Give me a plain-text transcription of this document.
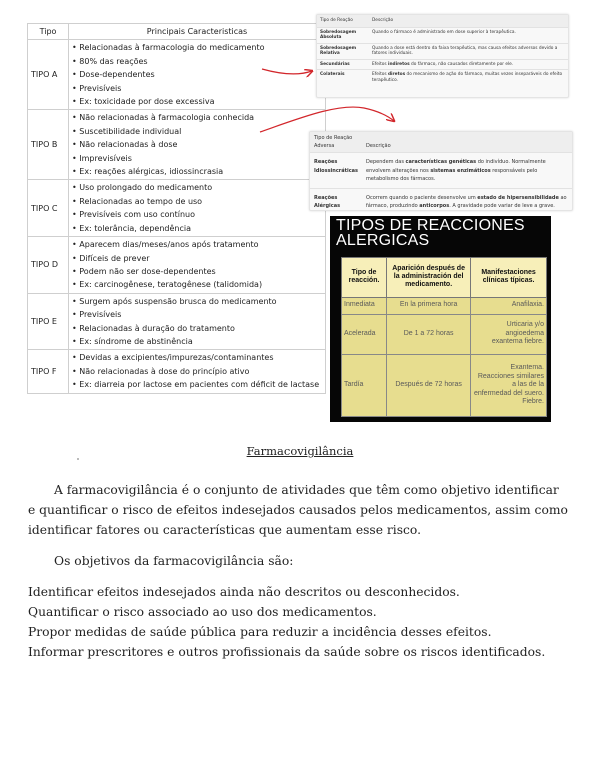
Tipo	Principais Caracteristicas
TIPO A	• Relacionadas à farmacologia do medicamento
• 80% das reações
• Dose-dependentes
• Previsíveis
• Ex: toxicidade por dose excessiva

TIPO B	• Não relacionadas à farmacologia conhecida
• Suscetibilidade individual
• Não relacionadas à dose
• Imprevisíveis
• Ex: reações alérgicas, idiossincrasia

TIPO C	• Uso prolongado do medicamento
• Relacionadas ao tempo de uso
• Previsíveis com uso contínuo
• Ex: tolerância, dependência

TIPO D	• Aparecem dias/meses/anos após tratamento
• Difíceis de prever
• Podem não ser dose-dependentes
• Ex: carcinogênese, teratogênese (talidomida)

TIPO E	• Surgem após suspensão brusca do medicamento
• Previsíveis
• Relacionadas à duração do tratamento
• Ex: síndrome de abstinência

TIPO F	• Devidas a excipientes/impurezas/contaminantes
• Não relacionadas à dose do princípio ativo
• Ex: diarreia por lactose em pacientes com déficit de lactase
Tipo de Reação	Descrição
Sobredosagem Absoluta	Quando o fármaco é administrado em dose superior à terapêutica.
Sobredosagem Relativa	Quando a dose está dentro da faixa terapêutica, mas causa efeitos adversos devido a fatores individuais.
Secundárias	Efeitos indiretos do fármaco, não causados diretamente por ele.
Colaterais	Efeitos diretos do mecanismo de ação do fármaco, muitas vezes inseparáveis do efeito terapêutico.
Tipo de Reação Adversa	Descrição
Reações Idiossincráticas	Dependem das características genéticas do indivíduo. Normalmente envolvem alterações nos sistemas enzimáticos responsáveis pelo metabolismo dos fármacos.
Reações Alérgicas	Ocorrem quando o paciente desenvolve um estado de hipersensibilidade ao fármaco, produzindo anticorpos. A gravidade pode variar de leve a grave.
TIPOS DE REACCIONES
ALERGICAS
Tipo de reacción.	Aparición después de la administración del medicamento.	Manifestaciones clínicas típicas.
Inmediata	En la primera hora	Anafilaxia.

Acelerada	De 1 a 72 horas	Urticaria y/o angioedema
exantema fiebre.

Tardía	Después de 72 horas	Exantema.
Reacciones similares a las de la enfermedad del suero.
Fiebre.
Farmacovigilância
A farmacovigilância é o conjunto de atividades que têm como objetivo identificar e quantificar o risco de efeitos indesejados causados pelos medicamentos, assim como identificar fatores ou características que aumentam esse risco.
Os objetivos da farmacovigilância são:
Identificar efeitos indesejados ainda não descritos ou desconhecidos.
Quantificar o risco associado ao uso dos medicamentos.
Propor medidas de saúde pública para reduzir a incidência desses efeitos.
Informar prescritores e outros profissionais da saúde sobre os riscos identificados.
